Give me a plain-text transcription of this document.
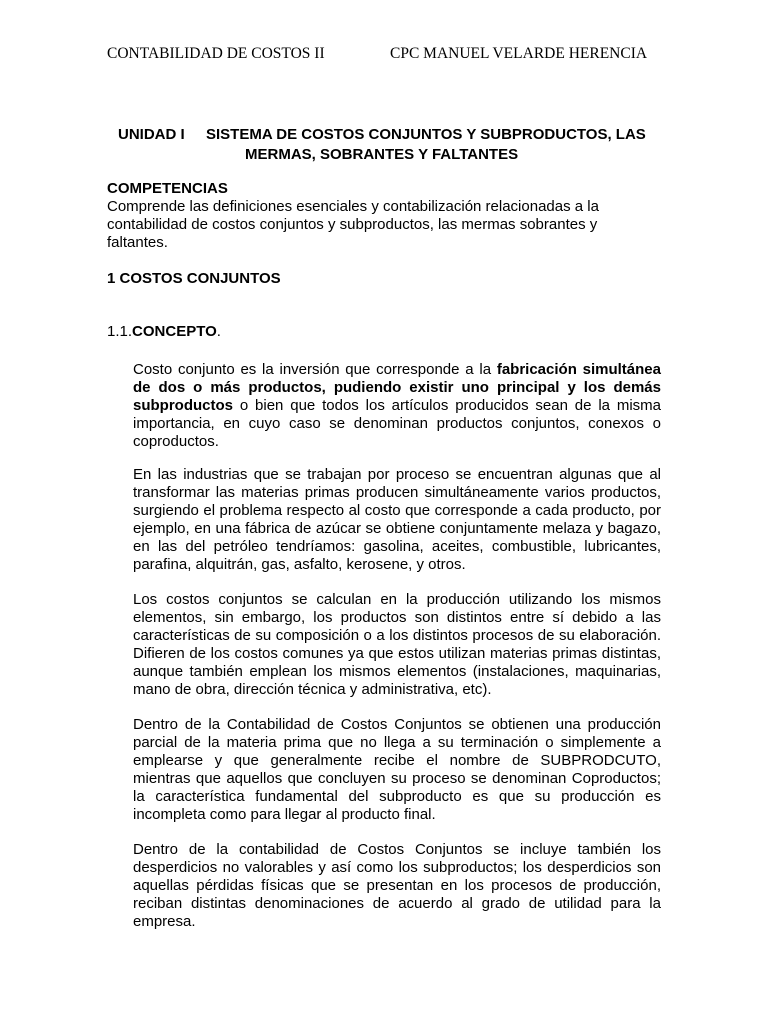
CONTABILIDAD DE COSTOS II	CPC MANUEL VELARDE HERENCIA
UNIDAD I SISTEMA DE COSTOS CONJUNTOS Y SUBPRODUCTOS, LAS
MERMAS, SOBRANTES Y FALTANTES
COMPETENCIAS
Comprende las definiciones esenciales y contabilización relacionadas a la contabilidad de costos conjuntos y subproductos, las mermas sobrantes y faltantes.
1 COSTOS CONJUNTOS
1.1.CONCEPTO.
Costo conjunto es la inversión que corresponde a la fabricación simultánea de dos o más productos, pudiendo existir uno principal y los demás subproductos o bien que todos los artículos producidos sean de la misma importancia, en cuyo caso se denominan productos conjuntos, conexos o coproductos.
En las industrias que se trabajan por proceso se encuentran algunas que al transformar las materias primas producen simultáneamente varios productos, surgiendo el problema respecto al costo que corresponde a cada producto, por ejemplo, en una fábrica de azúcar se obtiene conjuntamente melaza y bagazo, en las del petróleo tendríamos: gasolina, aceites, combustible, lubricantes, parafina, alquitrán, gas, asfalto, kerosene, y otros.
Los costos conjuntos se calculan en la producción utilizando los mismos elementos, sin embargo, los productos son distintos entre sí debido a las características de su composición o a los distintos procesos de su elaboración. Difieren de los costos comunes ya que estos utilizan materias primas distintas, aunque también emplean los mismos elementos (instalaciones, maquinarias, mano de obra, dirección técnica y administrativa, etc).
Dentro de la Contabilidad de Costos Conjuntos se obtienen una producción parcial de la materia prima que no llega a su terminación o simplemente a emplearse y que generalmente recibe el nombre de SUBPRODCUTO, mientras que aquellos que concluyen su proceso se denominan Coproductos; la característica fundamental del subproducto es que su producción es incompleta como para llegar al producto final.
Dentro de la contabilidad de Costos Conjuntos se incluye también los desperdicios no valorables y así como los subproductos; los desperdicios son aquellas pérdidas físicas que se presentan en los procesos de producción, reciban distintas denominaciones de acuerdo al grado de utilidad para la empresa.
